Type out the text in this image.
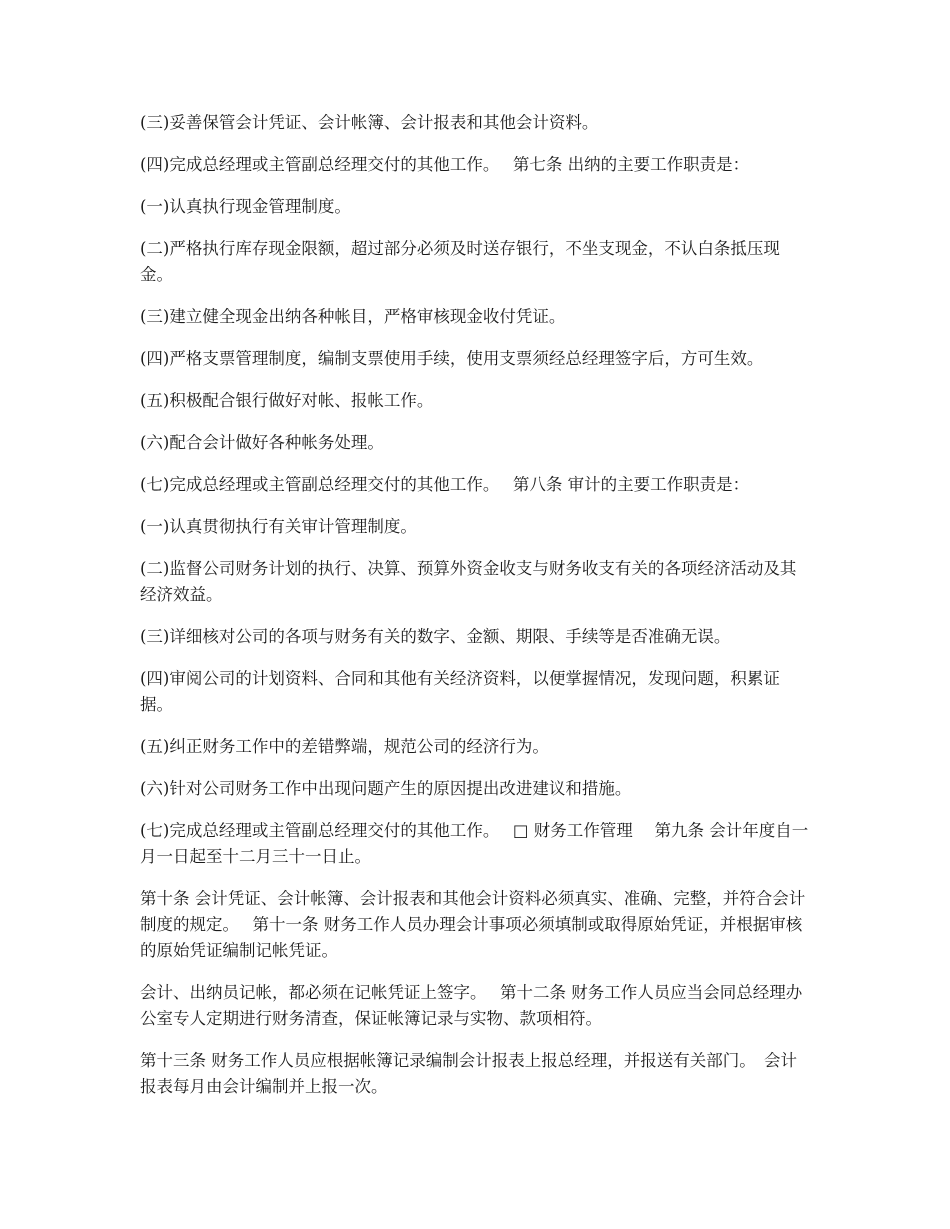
(三)妥善保管会计凭证、会计帐簿、会计报表和其他会计资料。

(四)完成总经理或主管副总经理交付的其他工作。　 第七条 出纳的主要工作职责是：

(一)认真执行现金管理制度。

(二)严格执行库存现金限额，超过部分必须及时送存银行，不坐支现金，不认白条抵压现金。

(三)建立健全现金出纳各种帐目，严格审核现金收付凭证。

(四)严格支票管理制度，编制支票使用手续，使用支票须经总经理签字后，方可生效。

(五)积极配合银行做好对帐、报帐工作。

(六)配合会计做好各种帐务处理。

(七)完成总经理或主管副总经理交付的其他工作。　 第八条 审计的主要工作职责是：

(一)认真贯彻执行有关审计管理制度。

(二)监督公司财务计划的执行、决算、预算外资金收支与财务收支有关的各项经济活动及其经济效益。

(三)详细核对公司的各项与财务有关的数字、金额、期限、手续等是否准确无误。

(四)审阅公司的计划资料、合同和其他有关经济资料，以便掌握情况，发现问题，积累证据。

(五)纠正财务工作中的差错弊端，规范公司的经济行为。

(六)针对公司财务工作中出现问题产生的原因提出改进建议和措施。

(七)完成总经理或主管副总经理交付的其他工作。　 □ 财务工作管理　 第九条 会计年度自一月一日起至十二月三十一日止。

第十条 会计凭证、会计帐簿、会计报表和其他会计资料必须真实、准确、完整，并符合会计制度的规定。　 第十一条 财务工作人员办理会计事项必须填制或取得原始凭证，并根据审核的原始凭证编制记帐凭证。

会计、出纳员记帐，都必须在记帐凭证上签字。　 第十二条 财务工作人员应当会同总经理办公室专人定期进行财务清查，保证帐簿记录与实物、款项相符。

第十三条 财务工作人员应根据帐簿记录编制会计报表上报总经理，并报送有关部门。　会计报表每月由会计编制并上报一次。
